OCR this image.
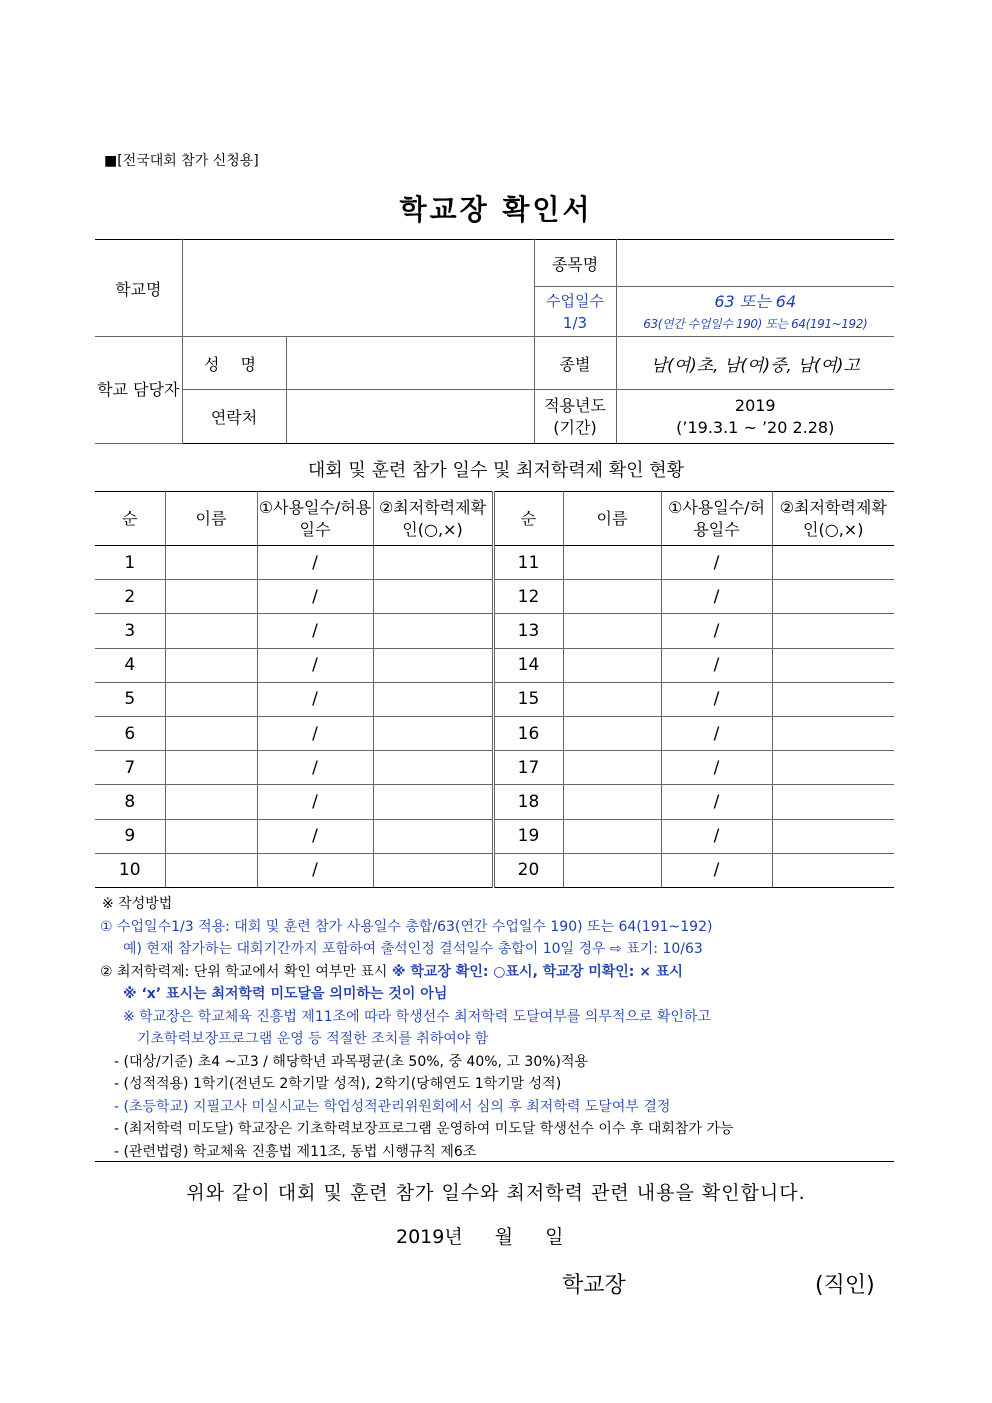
■[전국대회 참가 신청용]
학교장 확인서
학교명			종목명	
			수업일수 1/3	63 또는 64
63(연간 수업일수 190) 또는 64(191~192)

학교 담당자	성 명		종별	남(여)초, 남(여)중, 남(여)고
	연락처		적용년도 (기간)	2019
(’19.3.1 ~ ’20 2.28)
대회 및 훈련 참가 일수 및 최저학력제 확인 현황
순	이름	①사용일수/허용일수	②최저학력제확인(○,×)	순	이름	①사용일수/허용일수	②최저학력제확인(○,×)
1		/		11		/	
2		/		12		/	
3		/		13		/	
4		/		14		/	
5		/		15		/	
6		/		16		/	
7		/		17		/	
8		/		18		/	
9		/		19		/	
10		/		20		/	
※ 작성방법
① 수업일수1/3 적용: 대회 및 훈련 참가 사용일수 총합/63(연간 수업일수 190) 또는 64(191~192)
예) 현재 참가하는 대회기간까지 포함하여 출석인정 결석일수 총합이 10일 경우 ⇨ 표기: 10/63
② 최저학력제: 단위 학교에서 확인 여부만 표시 ※ 학교장 확인: ○표시, 학교장 미확인: × 표시
※ ‘x’ 표시는 최저학력 미도달을 의미하는 것이 아님
※ 학교장은 학교체육 진흥법 제11조에 따라 학생선수 최저학력 도달여부를 의무적으로 확인하고
기초학력보장프로그램 운영 등 적절한 조치를 취하여야 함
- (대상/기준) 초4 ~고3 / 해당학년 과목평균(초 50%, 중 40%, 고 30%)적용
- (성적적용) 1학기(전년도 2학기말 성적), 2학기(당해연도 1학기말 성적)
- (초등학교) 지필고사 미실시교는 학업성적관리위원회에서 심의 후 최저학력 도달여부 결정
- (최저학력 미도달) 학교장은 기초학력보장프로그램 운영하여 미도달 학생선수 이수 후 대회참가 가능
- (관련법령) 학교체육 진흥법 제11조, 동법 시행규칙 제6조
위와 같이 대회 및 훈련 참가 일수와 최저학력 관련 내용을 확인합니다.
2019년 월 일
학교장	(직인)
